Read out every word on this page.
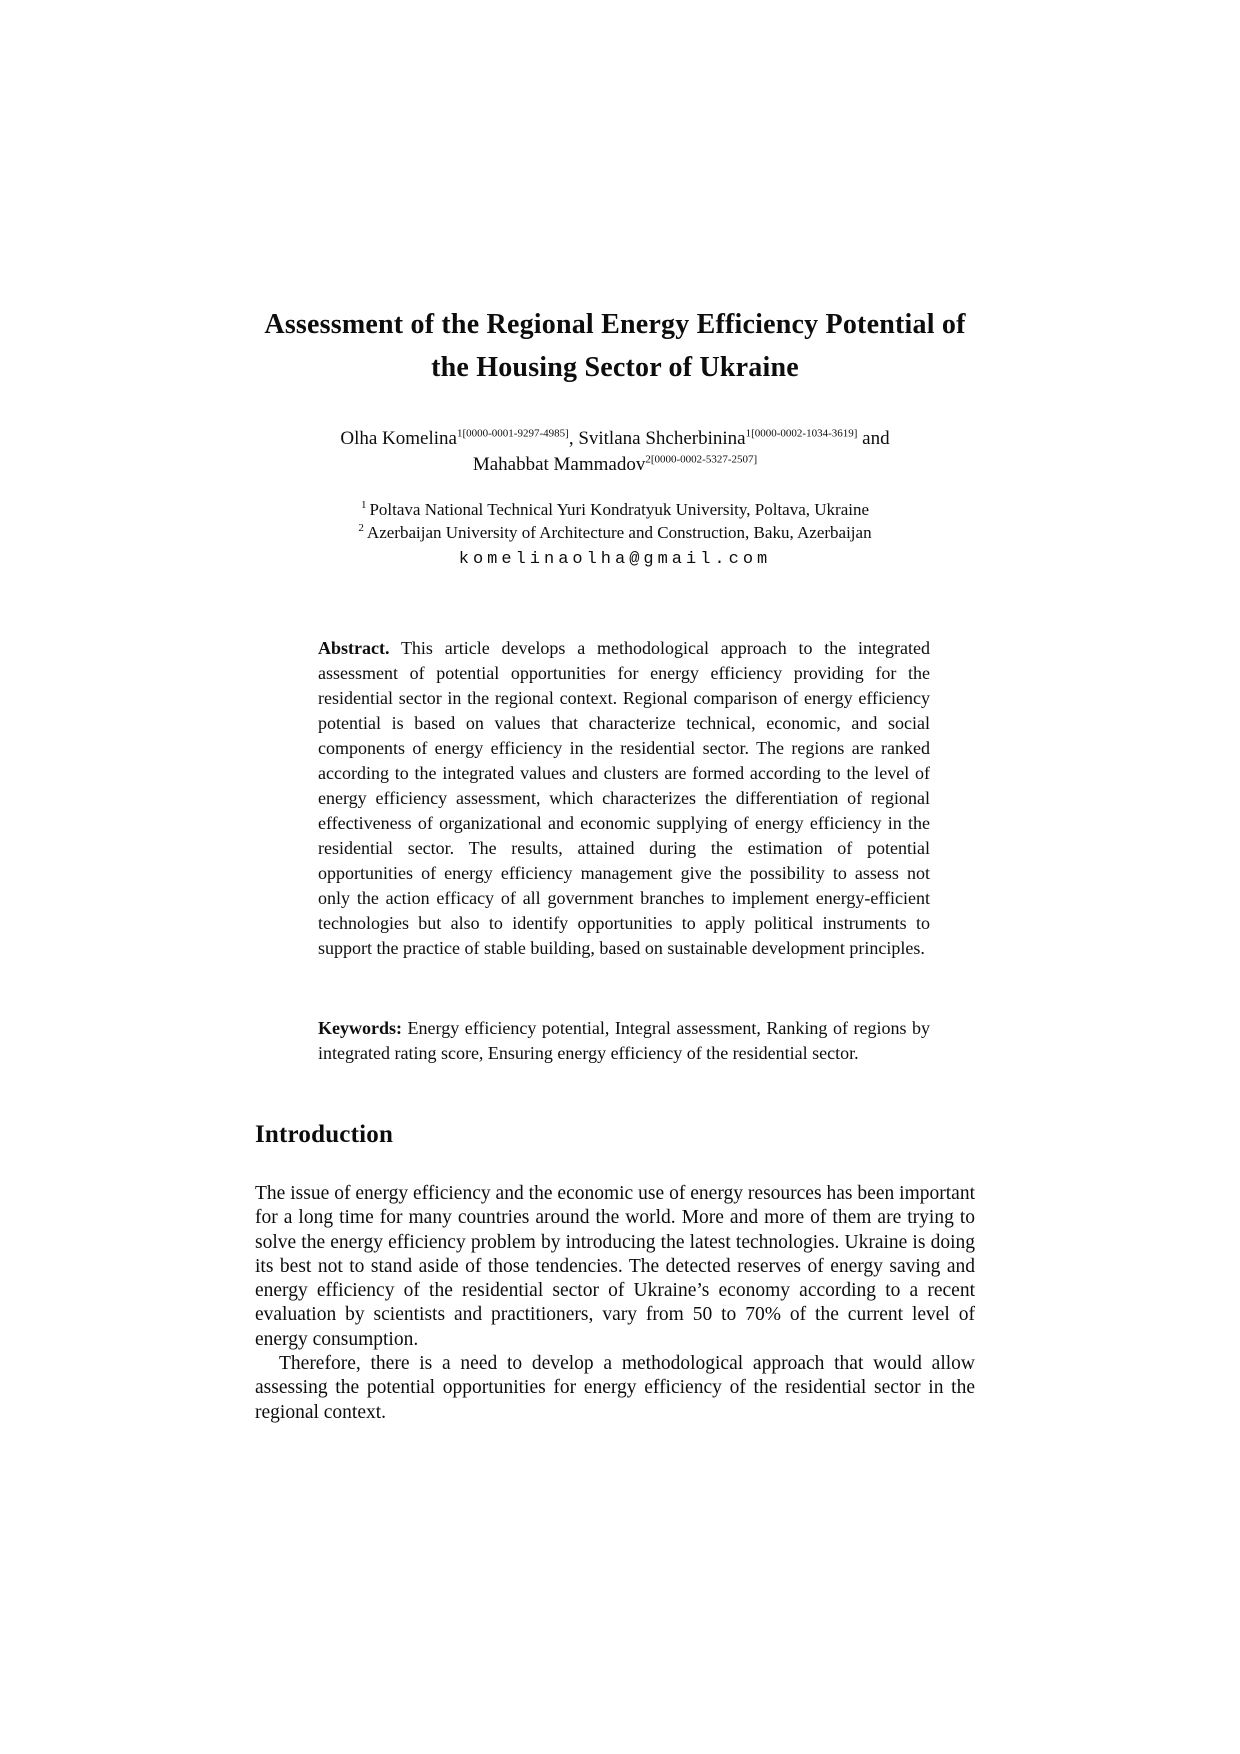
Assessment of the Regional Energy Efficiency Potential of
the Housing Sector of Ukraine
Olha Komelina$^{1[0000-0001-9297-4985]}$, Svitlana Shcherbinina$^{1[0000-0002-1034-3619]}$ and
Mahabbat Mammadov$^{2[0000-0002-5327-2507]}$
$^1$ Poltava National Technical Yuri Kondratyuk University, Poltava, Ukraine
$^2$ Azerbaijan University of Architecture and Construction, Baku, Azerbaijan
komelinaolha@gmail.com
Abstract. This article develops a methodological approach to the integrated assessment of potential opportunities for energy efficiency providing for the residential sector in the regional context. Regional comparison of energy efficiency potential is based on values that characterize technical, economic, and social components of energy efficiency in the residential sector. The regions are ranked according to the integrated values and clusters are formed according to the level of energy efficiency assessment, which characterizes the differentiation of regional effectiveness of organizational and economic supplying of energy efficiency in the residential sector. The results, attained during the estimation of potential opportunities of energy efficiency management give the possibility to assess not only the action efficacy of all government branches to implement energy-efficient technologies but also to identify opportunities to apply political instruments to support the practice of stable building, based on sustainable development principles.
Keywords: Energy efficiency potential, Integral assessment, Ranking of regions by integrated rating score, Ensuring energy efficiency of the residential sector.
Introduction

The issue of energy efficiency and the economic use of energy resources has been important for a long time for many countries around the world. More and more of them are trying to solve the energy efficiency problem by introducing the latest technologies. Ukraine is doing its best not to stand aside of those tendencies. The detected reserves of energy saving and energy efficiency of the residential sector of Ukraine’s economy according to a recent evaluation by scientists and practitioners, vary from 50 to 70% of the current level of energy consumption.

Therefore, there is a need to develop a methodological approach that would allow assessing the potential opportunities for energy efficiency of the residential sector in the regional context.
